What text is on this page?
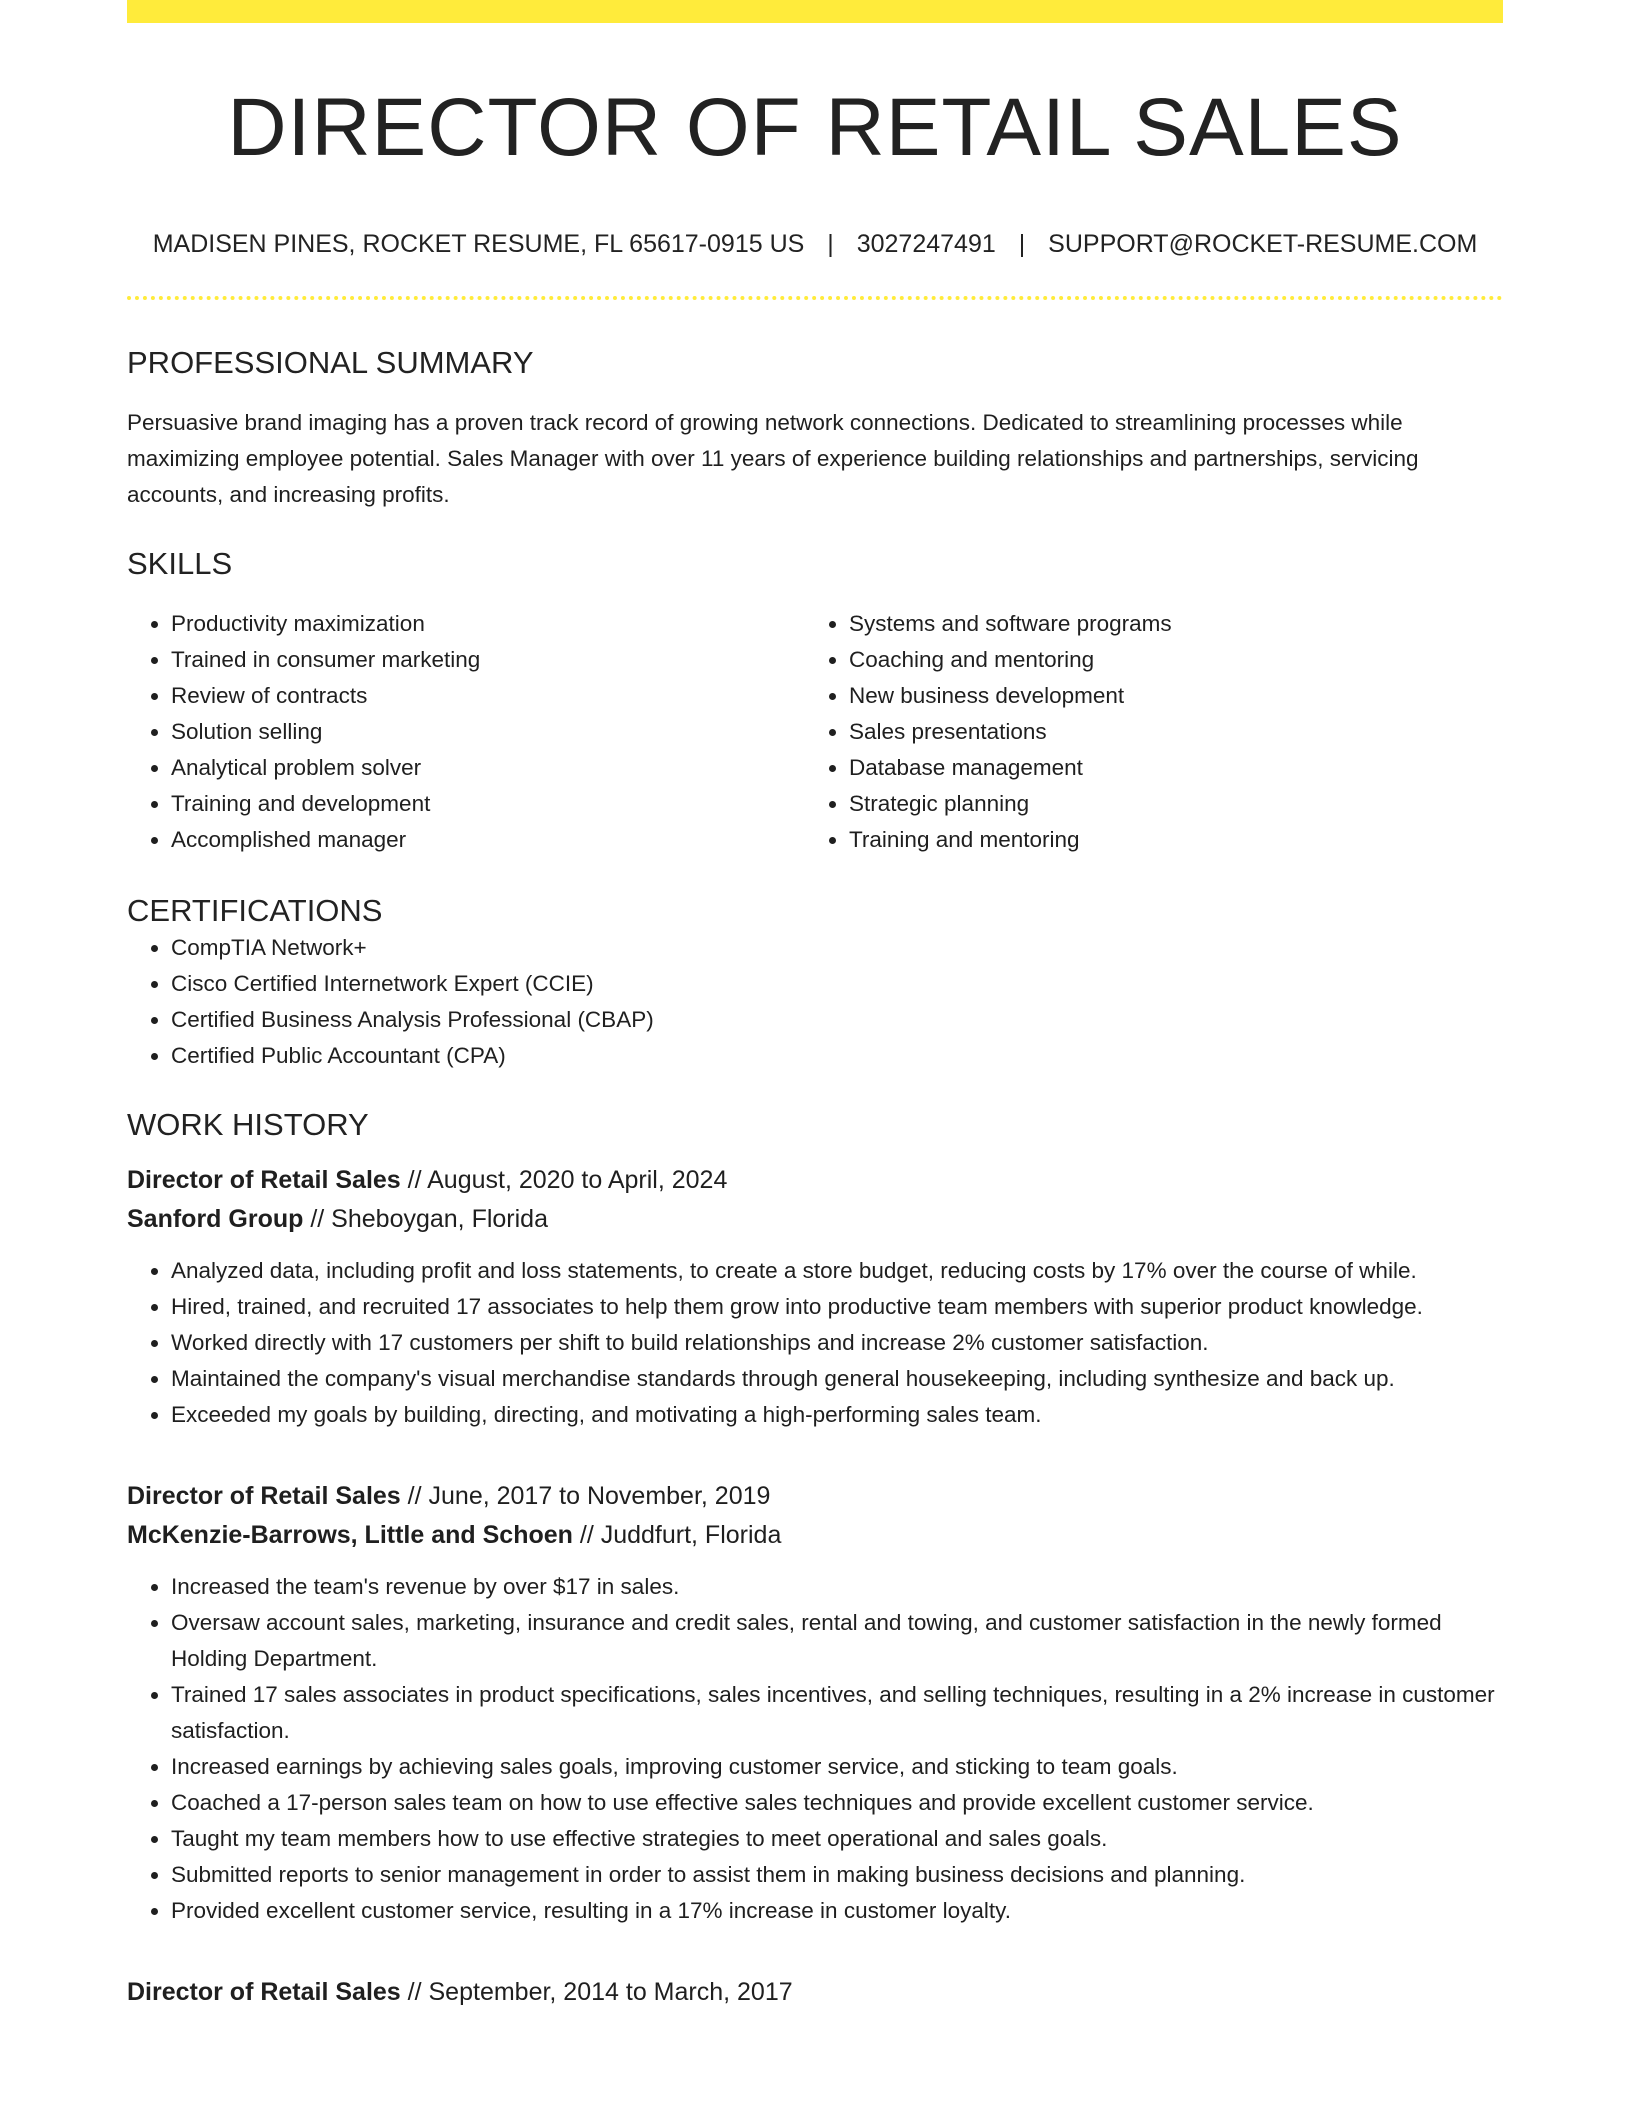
DIRECTOR OF RETAIL SALES
MADISEN PINES, ROCKET RESUME, FL 65617-0915 US | 3027247491 | SUPPORT@ROCKET-RESUME.COM
PROFESSIONAL SUMMARY
Persuasive brand imaging has a proven track record of growing network connections. Dedicated to streamlining processes while maximizing employee potential. Sales Manager with over 11 years of experience building relationships and partnerships, servicing accounts, and increasing profits.
SKILLS
• Productivity maximization
• Trained in consumer marketing
• Review of contracts
• Solution selling
• Analytical problem solver
• Training and development
• Accomplished manager
• Systems and software programs
• Coaching and mentoring
• New business development
• Sales presentations
• Database management
• Strategic planning
• Training and mentoring
CERTIFICATIONS
• CompTIA Network+
• Cisco Certified Internetwork Expert (CCIE)
• Certified Business Analysis Professional (CBAP)
• Certified Public Accountant (CPA)
WORK HISTORY
Director of Retail Sales // August, 2020 to April, 2024
Sanford Group // Sheboygan, Florida
• Analyzed data, including profit and loss statements, to create a store budget, reducing costs by 17% over the course of while.
• Hired, trained, and recruited 17 associates to help them grow into productive team members with superior product knowledge.
• Worked directly with 17 customers per shift to build relationships and increase 2% customer satisfaction.
• Maintained the company's visual merchandise standards through general housekeeping, including synthesize and back up.
• Exceeded my goals by building, directing, and motivating a high-performing sales team.
Director of Retail Sales // June, 2017 to November, 2019
McKenzie-Barrows, Little and Schoen // Juddfurt, Florida
• Increased the team's revenue by over $17 in sales.
• Oversaw account sales, marketing, insurance and credit sales, rental and towing, and customer satisfaction in the newly formed Holding Department.
• Trained 17 sales associates in product specifications, sales incentives, and selling techniques, resulting in a 2% increase in customer satisfaction.
• Increased earnings by achieving sales goals, improving customer service, and sticking to team goals.
• Coached a 17-person sales team on how to use effective sales techniques and provide excellent customer service.
• Taught my team members how to use effective strategies to meet operational and sales goals.
• Submitted reports to senior management in order to assist them in making business decisions and planning.
• Provided excellent customer service, resulting in a 17% increase in customer loyalty.
Director of Retail Sales // September, 2014 to March, 2017
